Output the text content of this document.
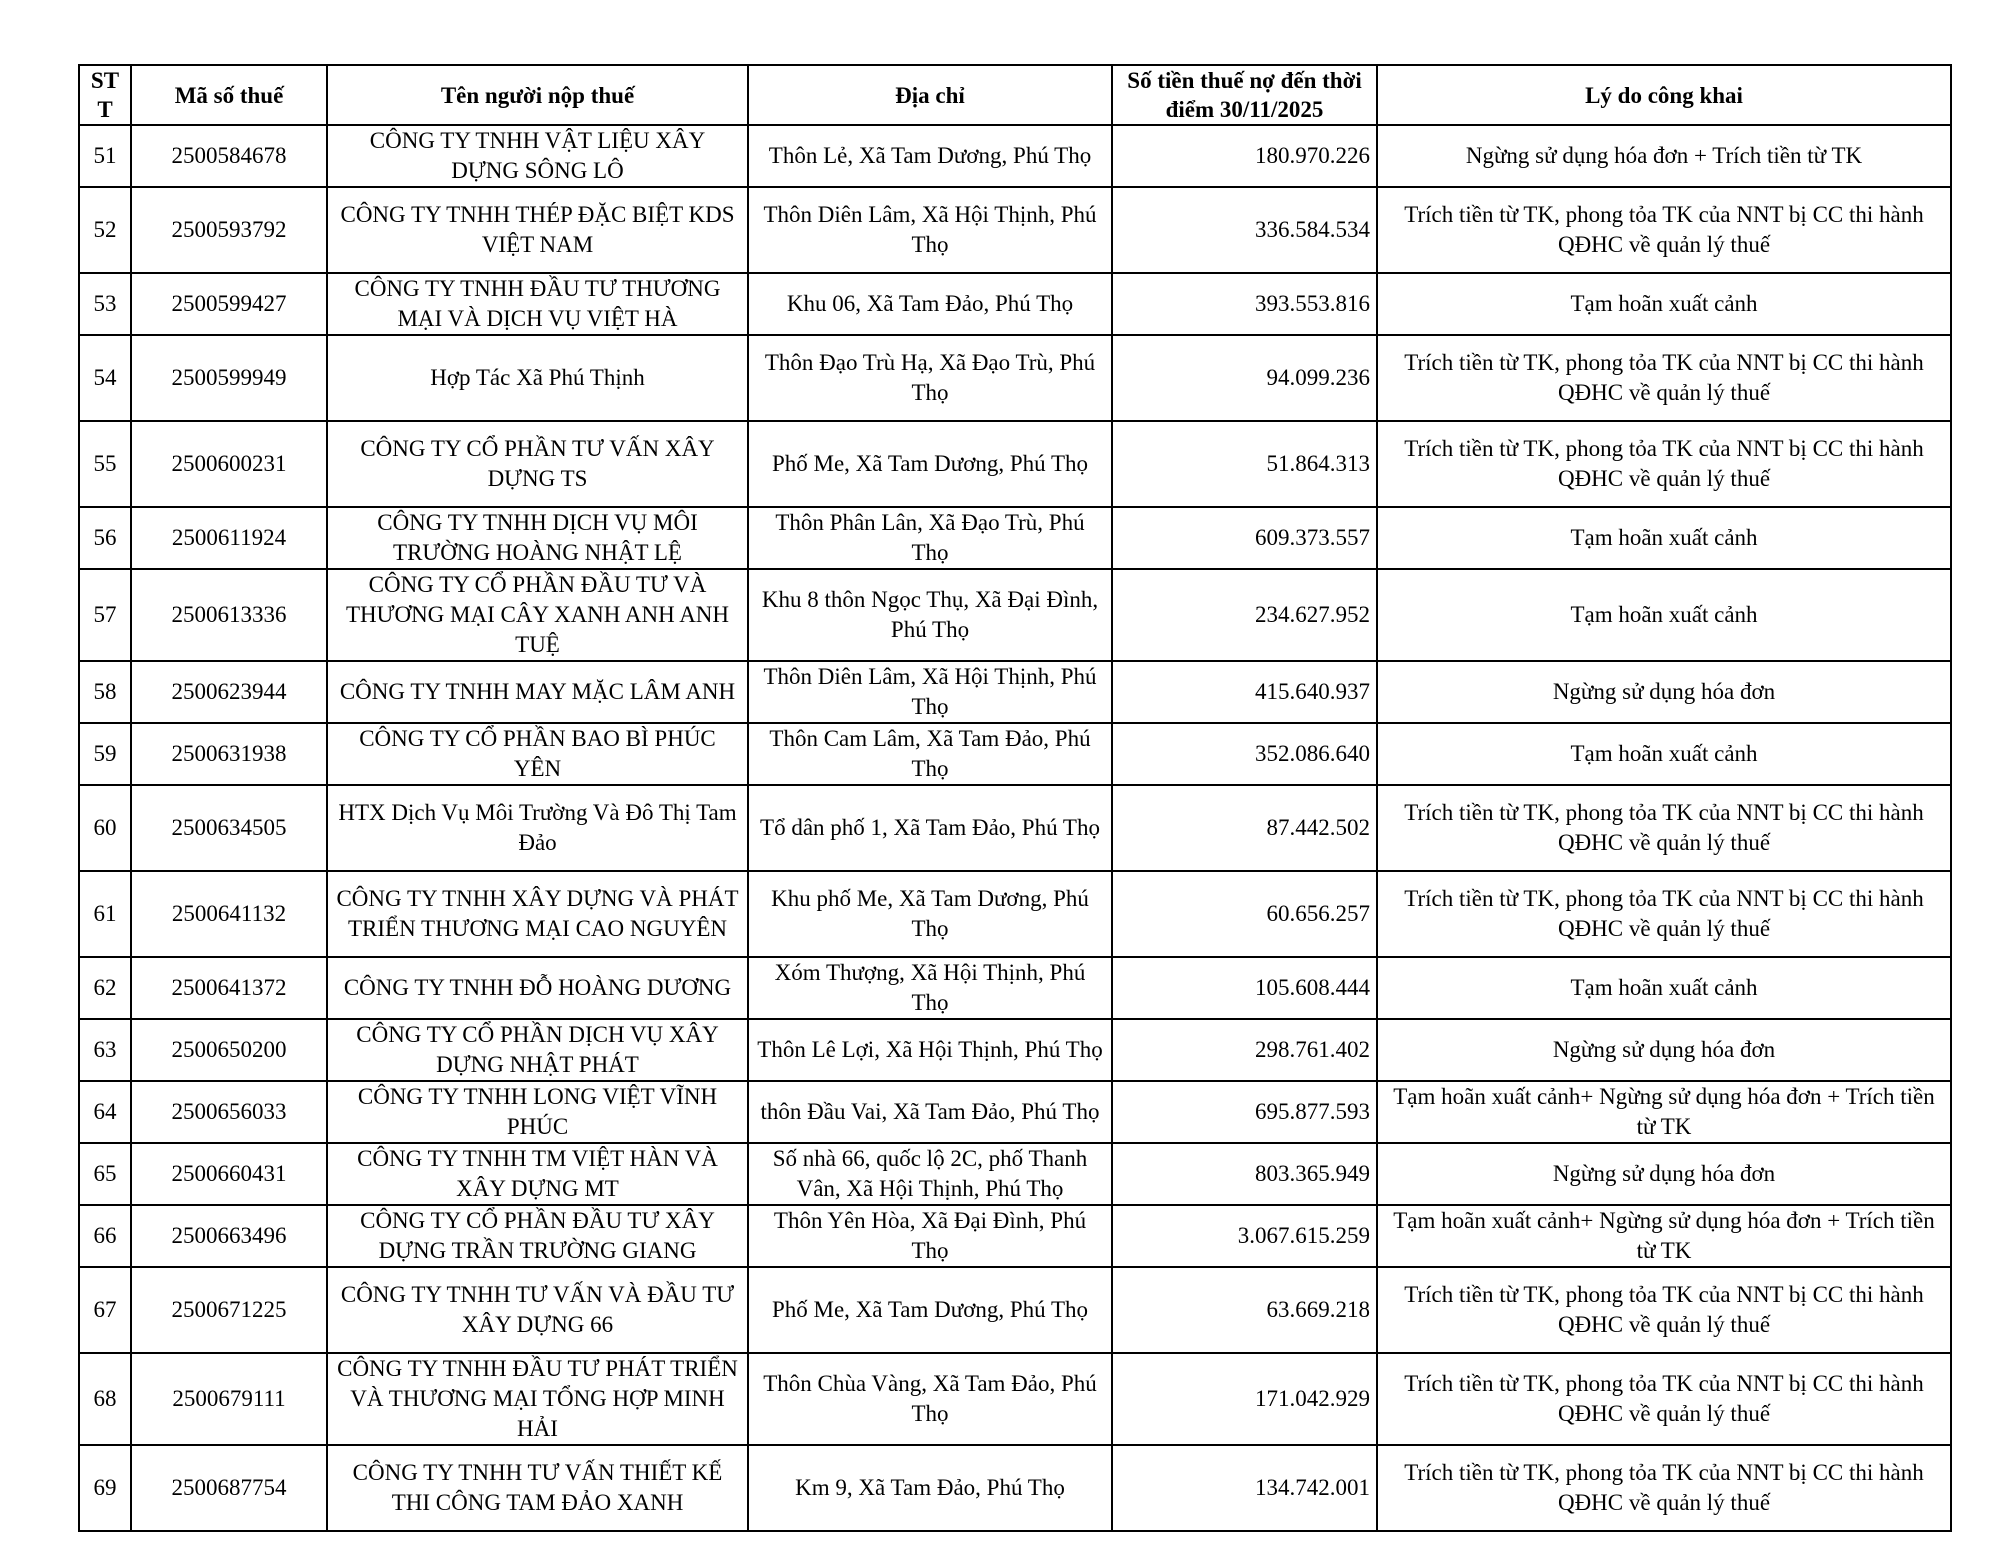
STT	Mã số thuế	Tên người nộp thuế	Địa chỉ	Số tiền thuế nợ đến thời điểm 30/11/2025	Lý do công khai
51	2500584678	CÔNG TY TNHH VẬT LIỆU XÂY DỰNG SÔNG LÔ	Thôn Lẻ, Xã Tam Dương, Phú Thọ	180.970.226	Ngừng sử dụng hóa đơn + Trích tiền từ TK
52	2500593792	CÔNG TY TNHH THÉP ĐẶC BIỆT KDS VIỆT NAM	Thôn Diên Lâm, Xã Hội Thịnh, Phú Thọ	336.584.534	Trích tiền từ TK, phong tỏa TK của NNT bị CC thi hành QĐHC về quản lý thuế
53	2500599427	CÔNG TY TNHH ĐẦU TƯ THƯƠNG MẠI VÀ DỊCH VỤ VIỆT HÀ	Khu 06, Xã Tam Đảo, Phú Thọ	393.553.816	Tạm hoãn xuất cảnh
54	2500599949	Hợp Tác Xã Phú Thịnh	Thôn Đạo Trù Hạ, Xã Đạo Trù, Phú Thọ	94.099.236	Trích tiền từ TK, phong tỏa TK của NNT bị CC thi hành QĐHC về quản lý thuế
55	2500600231	CÔNG TY CỔ PHẦN TƯ VẤN XÂY DỰNG TS	Phố Me, Xã Tam Dương, Phú Thọ	51.864.313	Trích tiền từ TK, phong tỏa TK của NNT bị CC thi hành QĐHC về quản lý thuế
56	2500611924	CÔNG TY TNHH DỊCH VỤ MÔI TRƯỜNG HOÀNG NHẬT LỆ	Thôn Phân Lân, Xã Đạo Trù, Phú Thọ	609.373.557	Tạm hoãn xuất cảnh
57	2500613336	CÔNG TY CỔ PHẦN ĐẦU TƯ VÀ THƯƠNG MẠI CÂY XANH ANH ANH TUỆ	Khu 8 thôn Ngọc Thụ, Xã Đại Đình, Phú Thọ	234.627.952	Tạm hoãn xuất cảnh
58	2500623944	CÔNG TY TNHH MAY MẶC LÂM ANH	Thôn Diên Lâm, Xã Hội Thịnh, Phú Thọ	415.640.937	Ngừng sử dụng hóa đơn
59	2500631938	CÔNG TY CỔ PHẦN BAO BÌ PHÚC YÊN	Thôn Cam Lâm, Xã Tam Đảo, Phú Thọ	352.086.640	Tạm hoãn xuất cảnh
60	2500634505	HTX Dịch Vụ Môi Trường Và Đô Thị Tam Đảo	Tổ dân phố 1, Xã Tam Đảo, Phú Thọ	87.442.502	Trích tiền từ TK, phong tỏa TK của NNT bị CC thi hành QĐHC về quản lý thuế
61	2500641132	CÔNG TY TNHH XÂY DỰNG VÀ PHÁT TRIỂN THƯƠNG MẠI CAO NGUYÊN	Khu phố Me, Xã Tam Dương, Phú Thọ	60.656.257	Trích tiền từ TK, phong tỏa TK của NNT bị CC thi hành QĐHC về quản lý thuế
62	2500641372	CÔNG TY TNHH ĐỖ HOÀNG DƯƠNG	Xóm Thượng, Xã Hội Thịnh, Phú Thọ	105.608.444	Tạm hoãn xuất cảnh
63	2500650200	CÔNG TY CỔ PHẦN DỊCH VỤ XÂY DỰNG NHẬT PHÁT	Thôn Lê Lợi, Xã Hội Thịnh, Phú Thọ	298.761.402	Ngừng sử dụng hóa đơn
64	2500656033	CÔNG TY TNHH LONG VIỆT VĨNH PHÚC	thôn Đầu Vai, Xã Tam Đảo, Phú Thọ	695.877.593	Tạm hoãn xuất cảnh+ Ngừng sử dụng hóa đơn + Trích tiền từ TK
65	2500660431	CÔNG TY TNHH TM VIỆT HÀN VÀ XÂY DỰNG MT	Số nhà 66, quốc lộ 2C, phố Thanh Vân, Xã Hội Thịnh, Phú Thọ	803.365.949	Ngừng sử dụng hóa đơn
66	2500663496	CÔNG TY CỔ PHẦN ĐẦU TƯ XÂY DỰNG TRẦN TRƯỜNG GIANG	Thôn Yên Hòa, Xã Đại Đình, Phú Thọ	3.067.615.259	Tạm hoãn xuất cảnh+ Ngừng sử dụng hóa đơn + Trích tiền từ TK
67	2500671225	CÔNG TY TNHH TƯ VẤN VÀ ĐẦU TƯ XÂY DỰNG 66	Phố Me, Xã Tam Dương, Phú Thọ	63.669.218	Trích tiền từ TK, phong tỏa TK của NNT bị CC thi hành QĐHC về quản lý thuế
68	2500679111	CÔNG TY TNHH ĐẦU TƯ PHÁT TRIỂN VÀ THƯƠNG MẠI TỔNG HỢP MINH HẢI	Thôn Chùa Vàng, Xã Tam Đảo, Phú Thọ	171.042.929	Trích tiền từ TK, phong tỏa TK của NNT bị CC thi hành QĐHC về quản lý thuế
69	2500687754	CÔNG TY TNHH TƯ VẤN THIẾT KẾ THI CÔNG TAM ĐẢO XANH	Km 9, Xã Tam Đảo, Phú Thọ	134.742.001	Trích tiền từ TK, phong tỏa TK của NNT bị CC thi hành QĐHC về quản lý thuế
